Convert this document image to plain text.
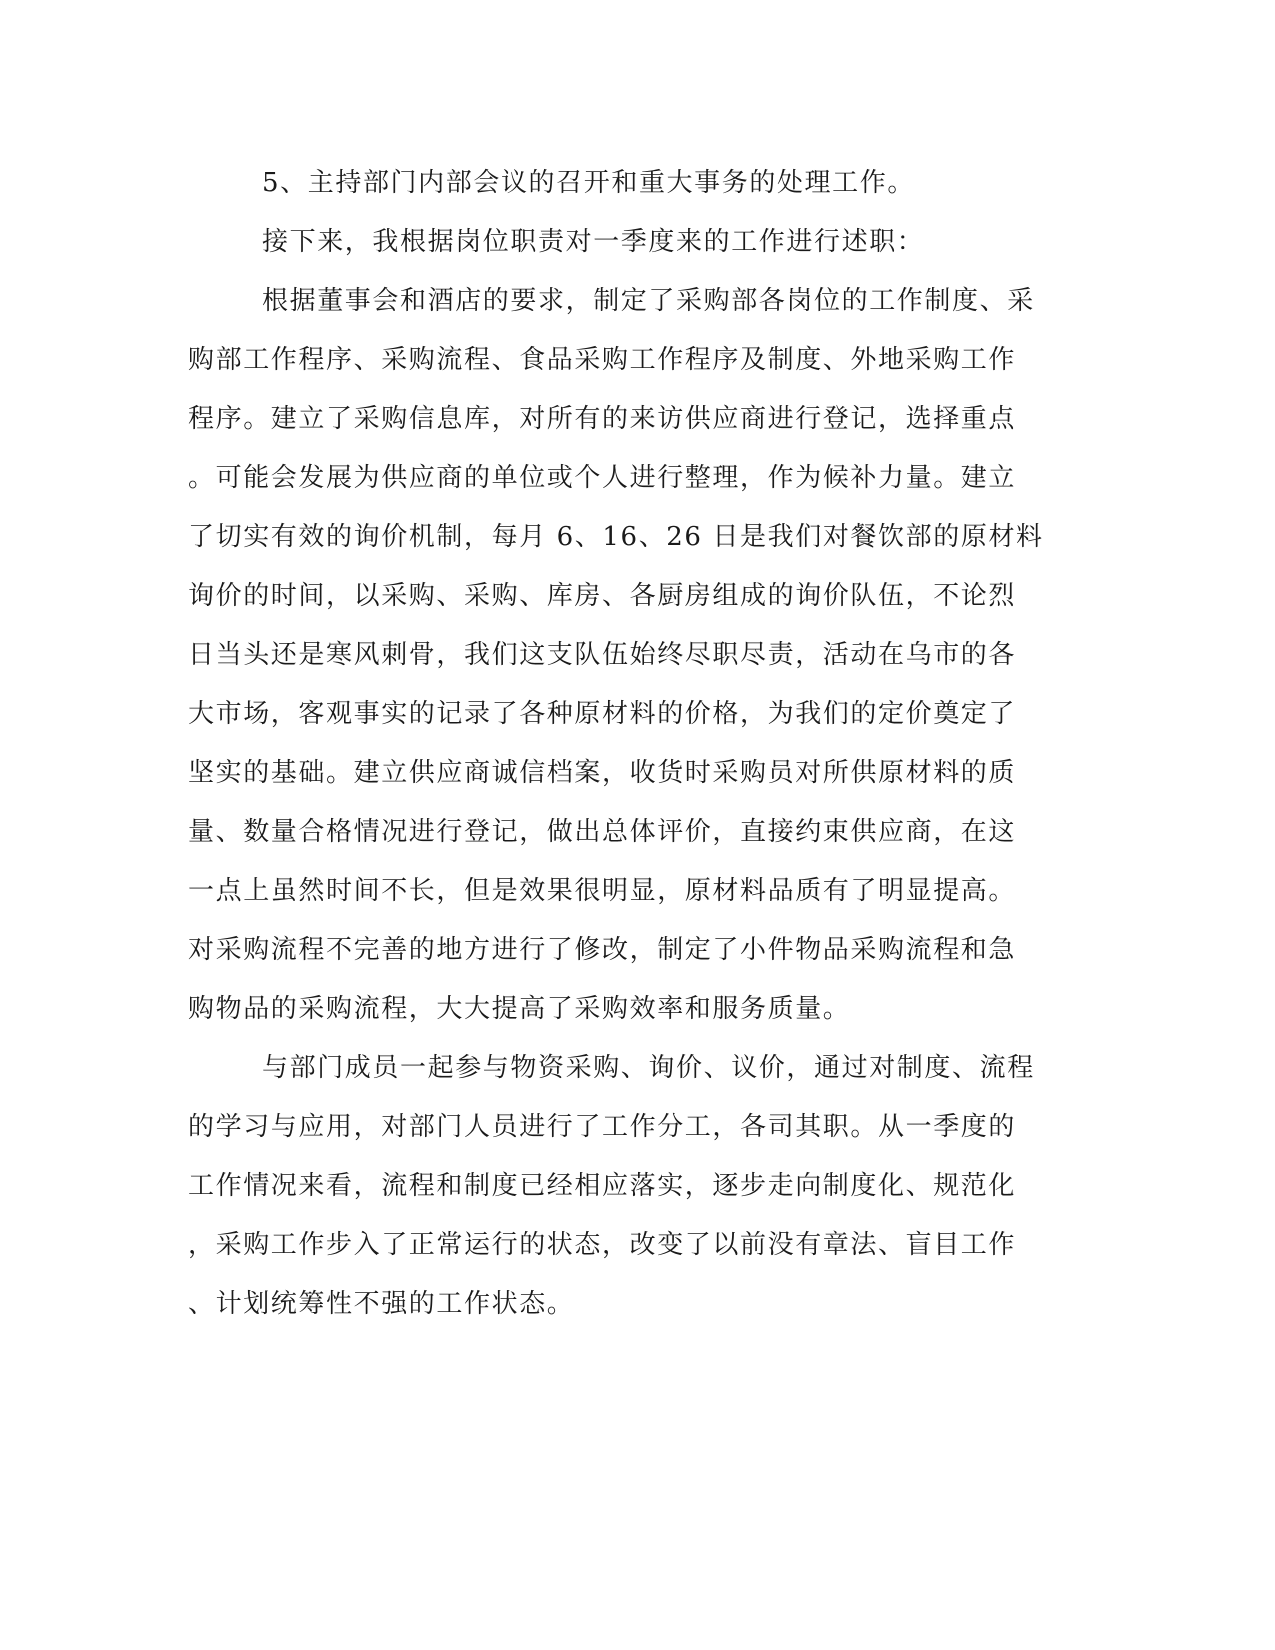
5、主持部门内部会议的召开和重大事务的处理工作。

接下来，我根据岗位职责对一季度来的工作进行述职：

根据董事会和酒店的要求，制定了采购部各岗位的工作制度、采

购部工作程序、采购流程、食品采购工作程序及制度、外地采购工作

程序。建立了采购信息库，对所有的来访供应商进行登记，选择重点

。可能会发展为供应商的单位或个人进行整理，作为候补力量。建立

了切实有效的询价机制，每月 6、16、26 日是我们对餐饮部的原材料

询价的时间，以采购、采购、库房、各厨房组成的询价队伍，不论烈

日当头还是寒风刺骨，我们这支队伍始终尽职尽责，活动在乌市的各

大市场，客观事实的记录了各种原材料的价格，为我们的定价奠定了

坚实的基础。建立供应商诚信档案，收货时采购员对所供原材料的质

量、数量合格情况进行登记，做出总体评价，直接约束供应商，在这

一点上虽然时间不长，但是效果很明显，原材料品质有了明显提高。

对采购流程不完善的地方进行了修改，制定了小件物品采购流程和急

购物品的采购流程，大大提高了采购效率和服务质量。

与部门成员一起参与物资采购、询价、议价，通过对制度、流程

的学习与应用，对部门人员进行了工作分工，各司其职。从一季度的

工作情况来看，流程和制度已经相应落实，逐步走向制度化、规范化

，采购工作步入了正常运行的状态，改变了以前没有章法、盲目工作

、计划统筹性不强的工作状态。
